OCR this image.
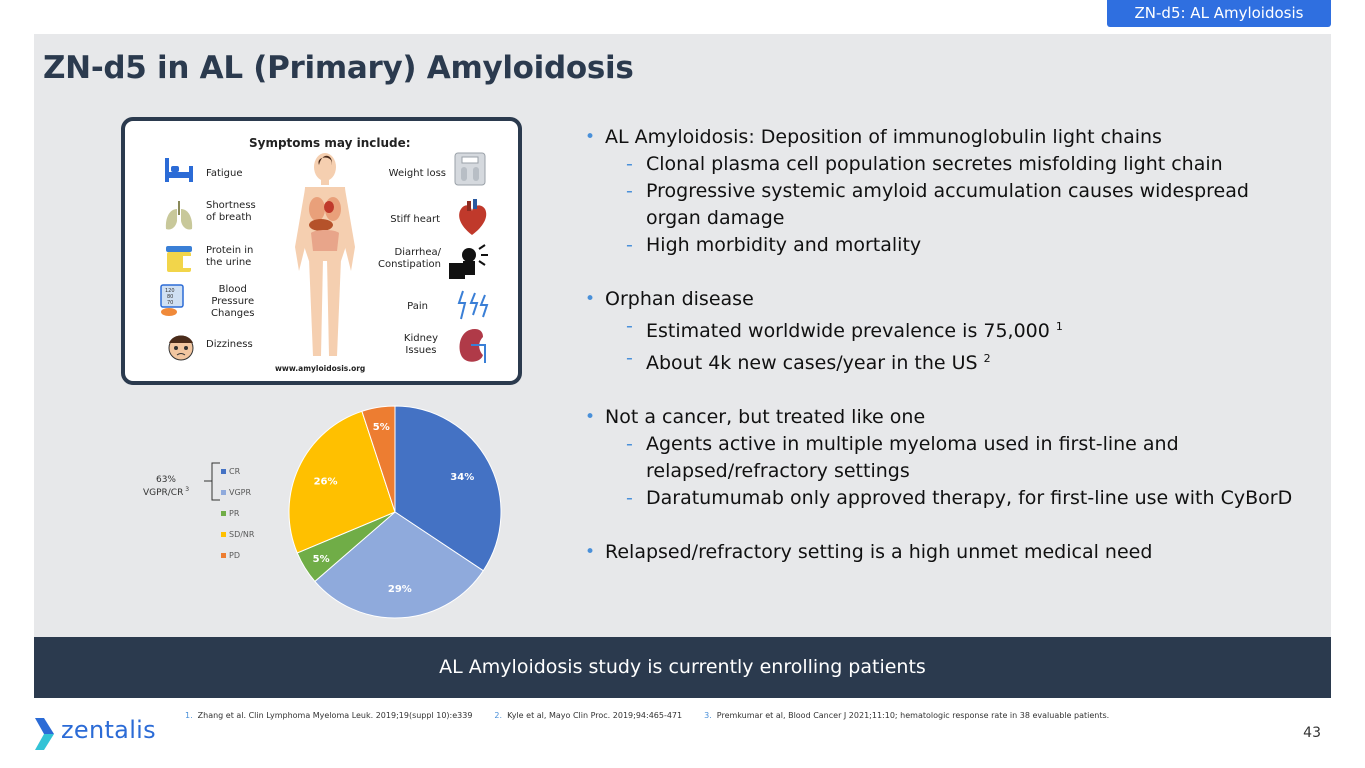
ZN-d5: AL Amyloidosis
ZN-d5 in AL (Primary) Amyloidosis
Symptoms may include:
120
80
70
Fatigue
Shortness
of breath
Protein in
the urine
Blood
Pressure
Changes
Dizziness
Weight loss
Stiff heart
Diarrhea/
Constipation
Pain
Kidney
Issues
www.amyloidosis.org
• AL Amyloidosis: Deposition of immunoglobulin light chains
- Clonal plasma cell population secretes misfolding light chain
- Progressive systemic amyloid accumulation causes widespread organ damage
- High morbidity and mortality
• Orphan disease
- Estimated worldwide prevalence is 75,000 $^1$
- About 4k new cases/year in the US $^2$
• Not a cancer, but treated like one
- Agents active in multiple myeloma used in first-line and relapsed/refractory settings
- Daratumumab only approved therapy, for first-line use with CyBorD
• Relapsed/refractory setting is a high unmet medical need
34%
29%
5%
26%
5%
CR
VGPR
PR
SD/NR
PD
63%
VGPR/CR $^3$
AL Amyloidosis study is currently enrolling patients
zentalis
1. Zhang et al. Clin Lymphoma Myeloma Leuk. 2019;19(suppl 10):e339	2. Kyle et al, Mayo Clin Proc. 2019;94:465-471	3. Premkumar et al, Blood Cancer J 2021;11:10; hematologic response rate in 38 evaluable patients.
43
